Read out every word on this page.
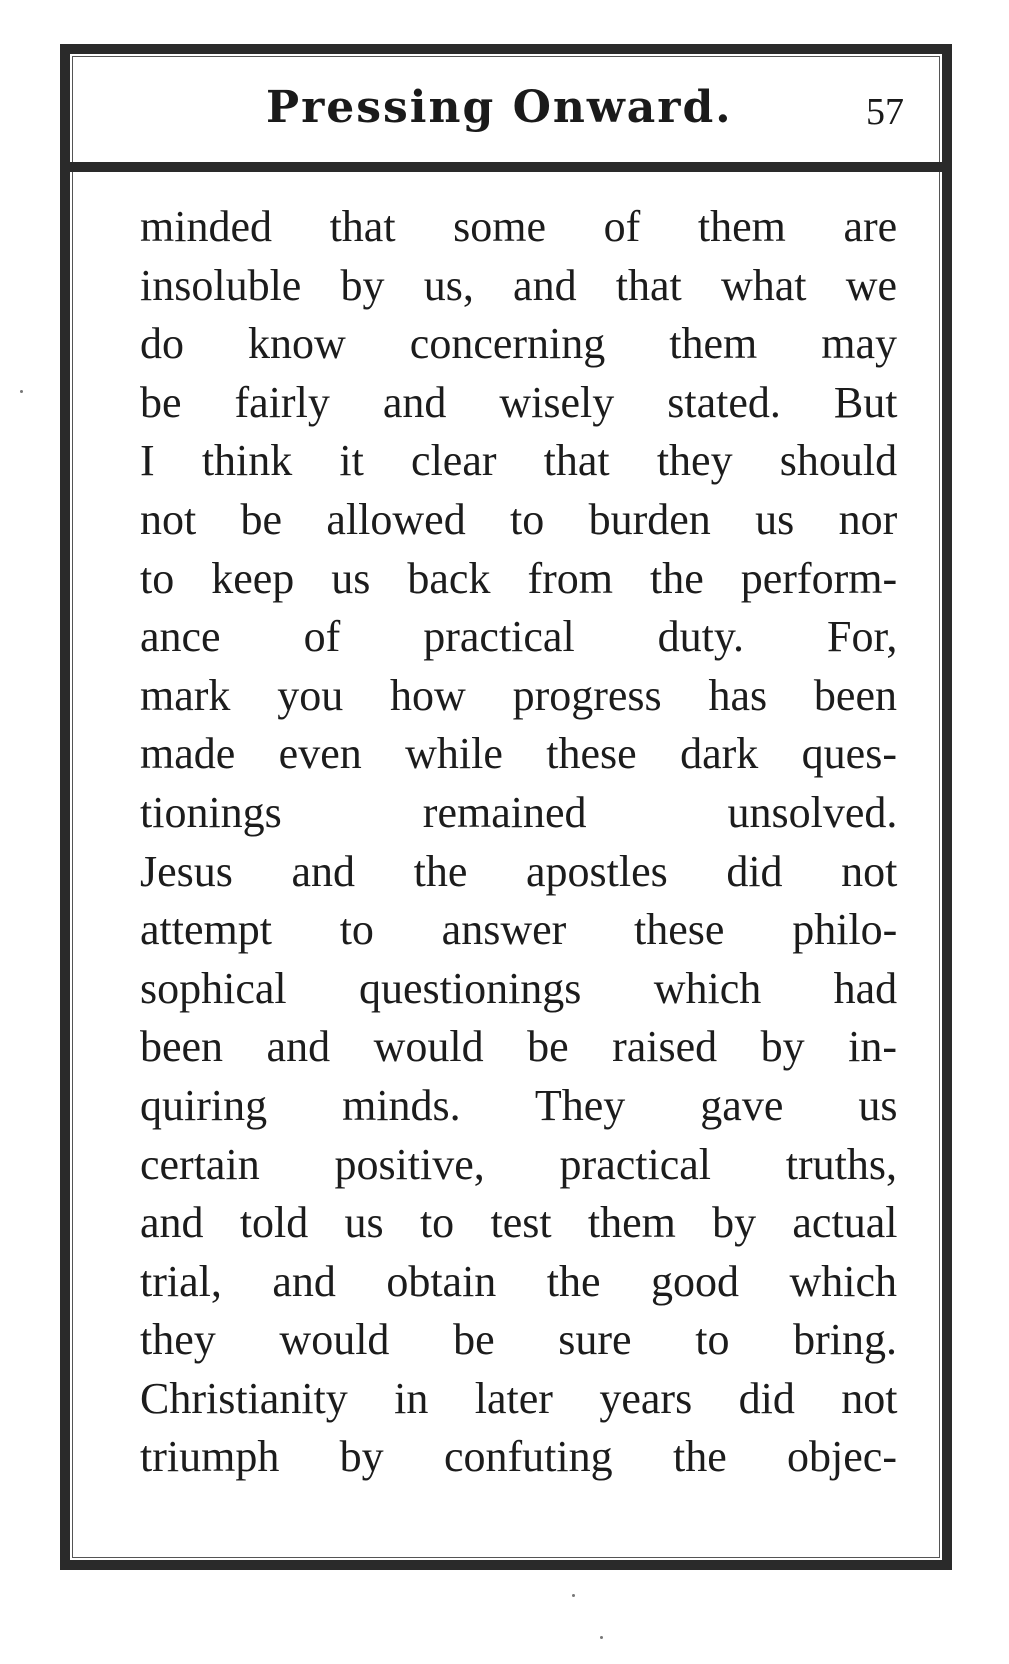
Pressing Onward.	57
minded that some of them are
insoluble by us, and that what we
do know concerning them may
be fairly and wisely stated. But
I think it clear that they should
not be allowed to burden us nor
to keep us back from the perform-
ance of practical duty. For,
mark you how progress has been
made even while these dark ques-
tionings remained unsolved.
Jesus and the apostles did not
attempt to answer these philo-
sophical questionings which had
been and would be raised by in-
quiring minds. They gave us
certain positive, practical truths,
and told us to test them by actual
trial, and obtain the good which
they would be sure to bring.
Christianity in later years did not
triumph by confuting the objec-
